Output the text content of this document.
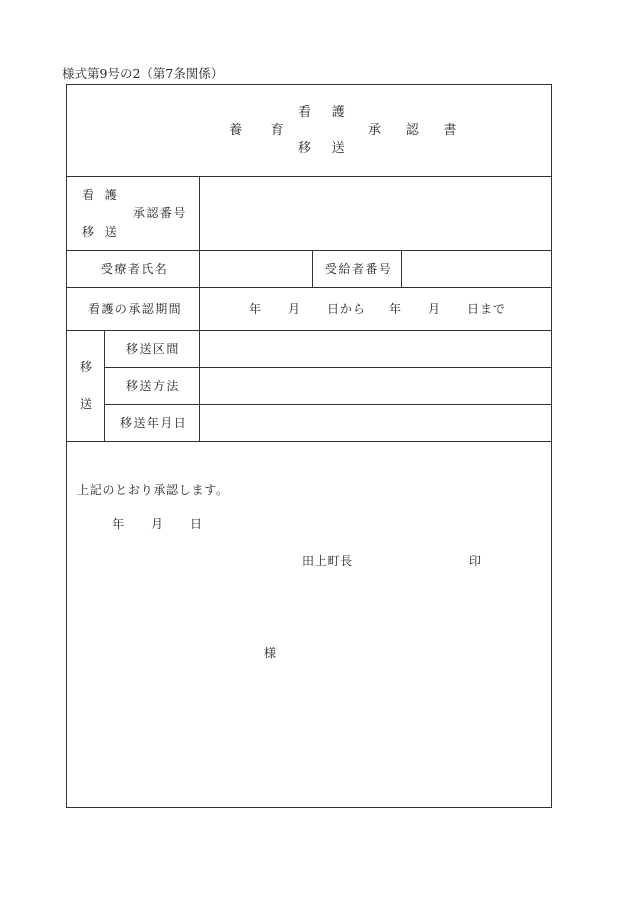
様式第9号の2（第7条関係）
看護
養育
移送
承認書
看護
移送
承認番号
受療者氏名	受給者番号
看護の承認期間	年 月 日から 年 月 日まで
移
送
移送区間
移送方法
移送年月日
上記のとおり承認します。
年 月 日
田上町長	印
様
